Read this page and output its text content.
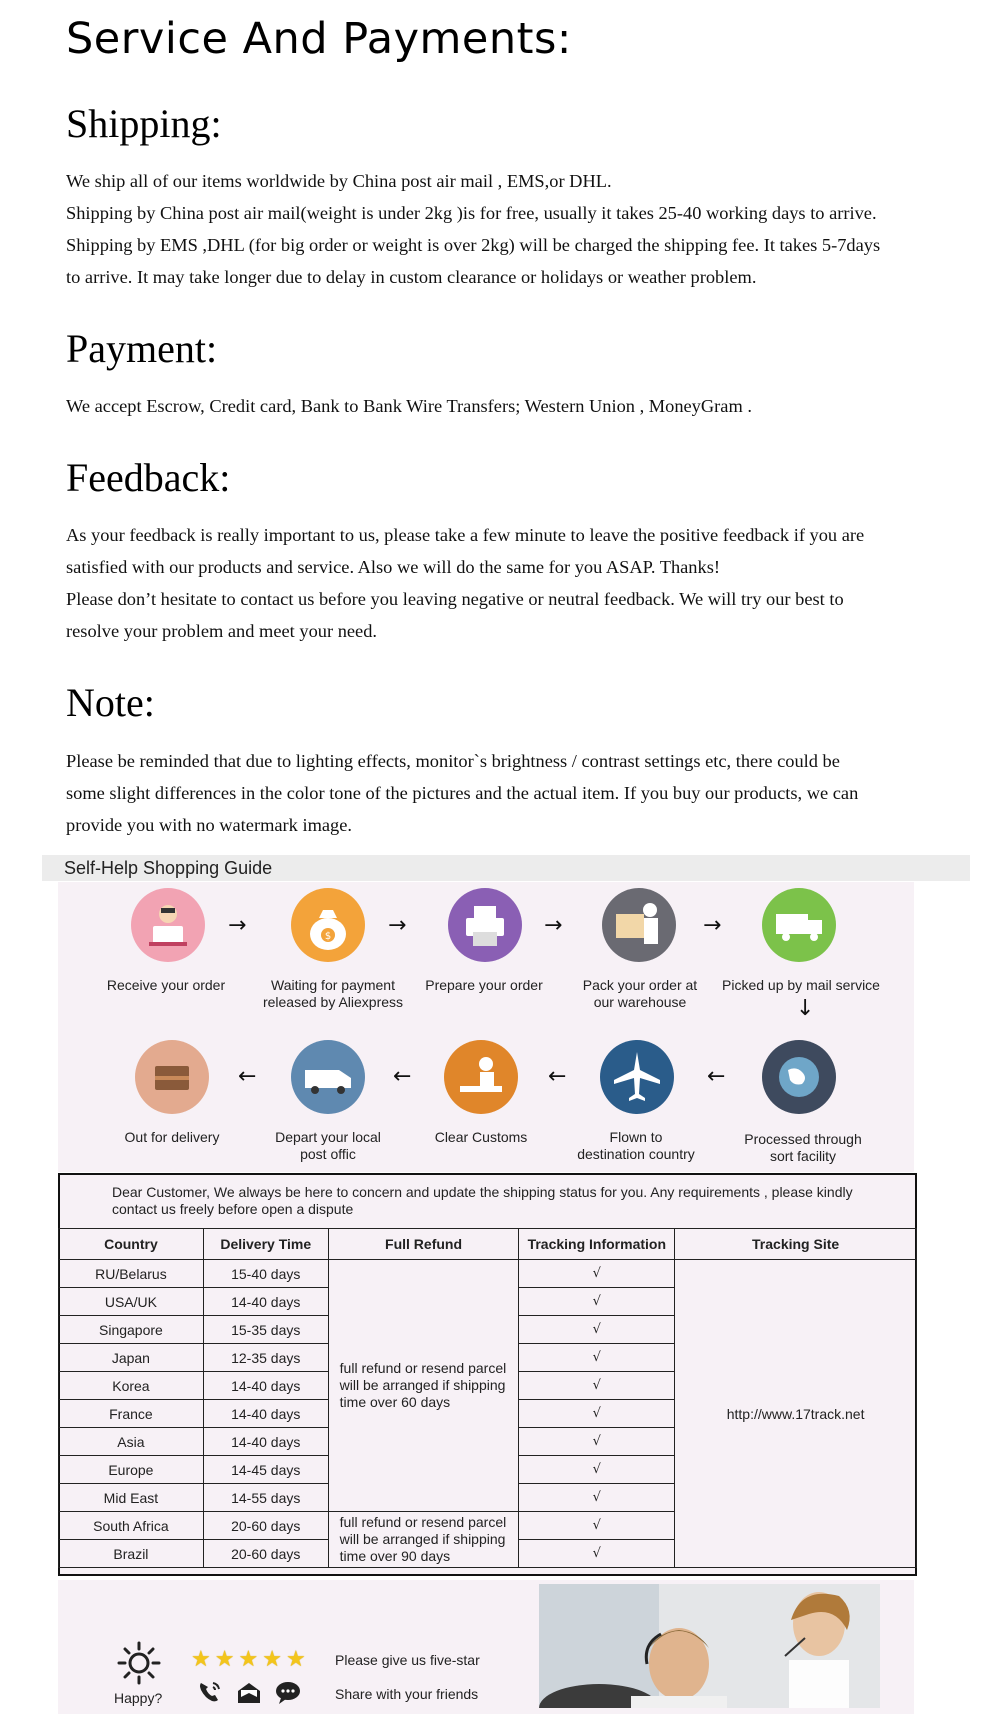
Service And Payments:
Shipping:

We ship all of our items worldwide by China post air mail , EMS,or DHL.

Shipping by China post air mail(weight is under 2kg )is for free, usually it takes 25-40 working days to arrive.

Shipping by EMS ,DHL (for big order or weight is over 2kg) will be charged the shipping fee. It takes 5-7days

to arrive. It may take longer due to delay in custom clearance or holidays or weather problem.

Payment:

We accept Escrow, Credit card, Bank to Bank Wire Transfers; Western Union , MoneyGram .

Feedback:

As your feedback is really important to us, please take a few minute to leave the positive feedback if you are

satisfied with our products and service. Also we will do the same for you ASAP. Thanks!

Please don’t hesitate to contact us before you leaving negative or neutral feedback. We will try our best to

resolve your problem and meet your need.

Note:

Please be reminded that due to lighting effects, monitor`s brightness / contrast settings etc, there could be

some slight differences in the color tone of the pictures and the actual item. If you buy our products, we can

provide you with no watermark image.

Self-Help Shopping Guide
$
→	→	→	→
Receive your order	Waiting for payment
released by Aliexpress
Prepare your order	Pack your order at
our warehouse
Picked up by mail service
↓
←	←	←	←
Out for delivery	Depart your local
post offic
Clear Customs	Flown to
destination country
Processed through
sort facility
Dear Customer, We always be here to concern and update the shipping status for you. Any requirements , please kindly contact us freely before open a dispute
Country	Delivery Time	Full Refund	Tracking Information	Tracking Site
RU/Belarus	15-40 days	full refund or resend parcel will be arranged if shipping time over 60 days	√	http://www.17track.net
USA/UK	14-40 days		√	
Singapore	15-35 days		√	
Japan	12-35 days		√	
Korea	14-40 days		√	
France	14-40 days		√	
Asia	14-40 days		√	
Europe	14-45 days		√	
Mid East	14-55 days		√	
South Africa	20-60 days	full refund or resend parcel will be arranged if shipping time over 90 days	√	
Brazil	20-60 days		√	
Happy?
★ ★ ★ ★ ★ Please give us five-star
Share with your friends
